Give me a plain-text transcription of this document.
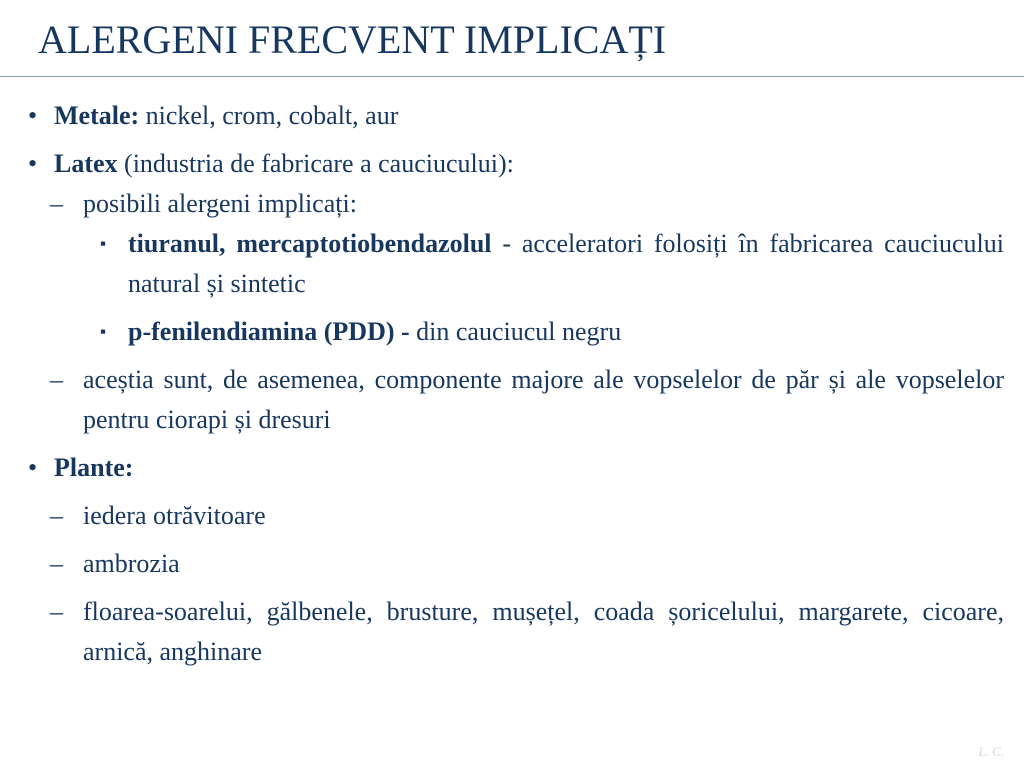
ALERGENI FRECVENT IMPLICAȚI
• Metale: nickel, crom, cobalt, aur
• Latex (industria de fabricare a cauciucului):
– posibili alergeni implicați:
▪ tiuranul, mercaptotiobendazolul - acceleratori folosiți în fabricarea cauciucului natural și sintetic
▪ p-fenilendiamina (PDD) - din cauciucul negru
– aceștia sunt, de asemenea, componente majore ale vopselelor de păr și ale vopselelor pentru ciorapi și dresuri
• Plante:
– iedera otrăvitoare
– ambrozia
– floarea-soarelui, gălbenele, brusture, mușețel, coada șoricelului, margarete, cicoare, arnică, anghinare
L. C.
